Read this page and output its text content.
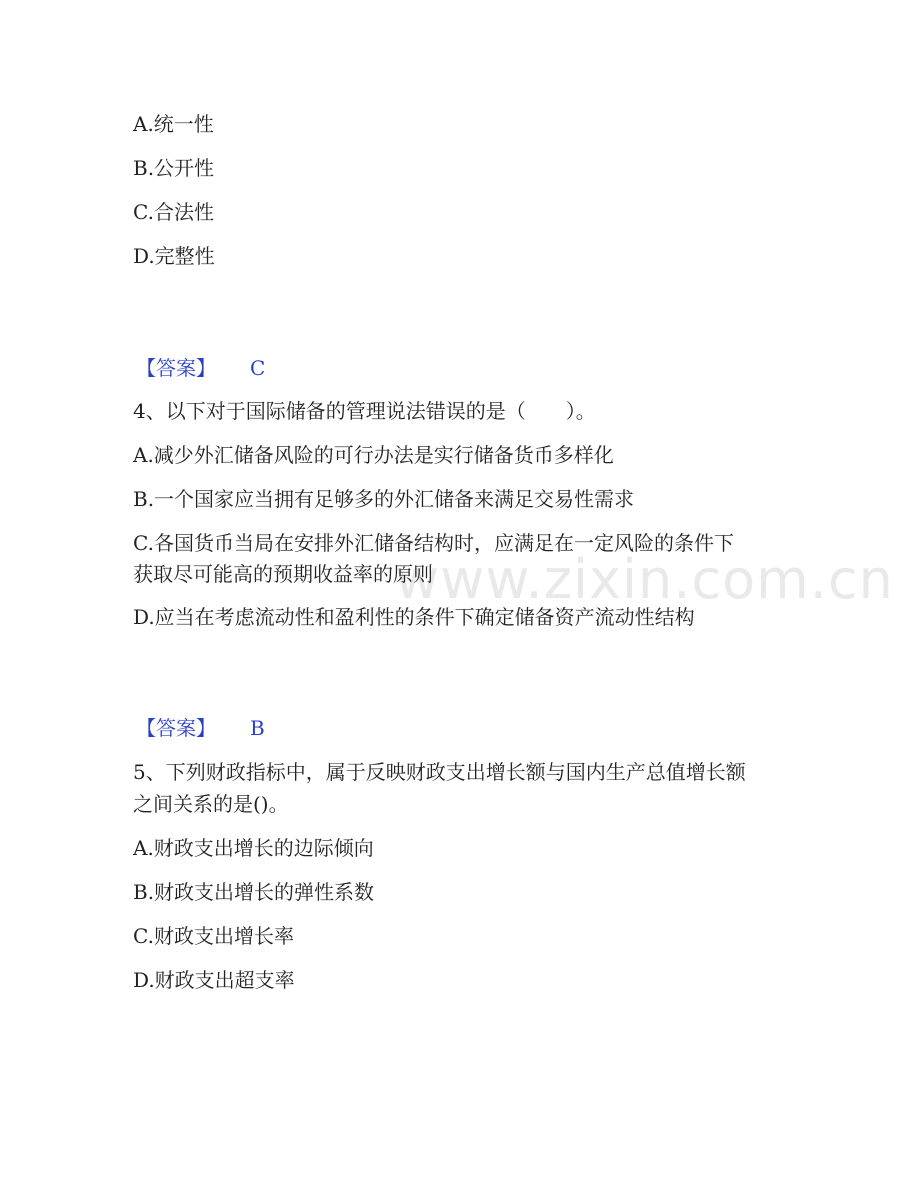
www.zixin.com.cn
A.统一性
B.公开性
C.合法性
D.完整性
【答案】 C
4、以下对于国际储备的管理说法错误的是（　　）。
A.减少外汇储备风险的可行办法是实行储备货币多样化
B.一个国家应当拥有足够多的外汇储备来满足交易性需求
C.各国货币当局在安排外汇储备结构时，应满足在一定风险的条件下
获取尽可能高的预期收益率的原则
D.应当在考虑流动性和盈利性的条件下确定储备资产流动性结构
【答案】 B
5、下列财政指标中，属于反映财政支出增长额与国内生产总值增长额
之间关系的是()。
A.财政支出增长的边际倾向
B.财政支出增长的弹性系数
C.财政支出增长率
D.财政支出超支率
